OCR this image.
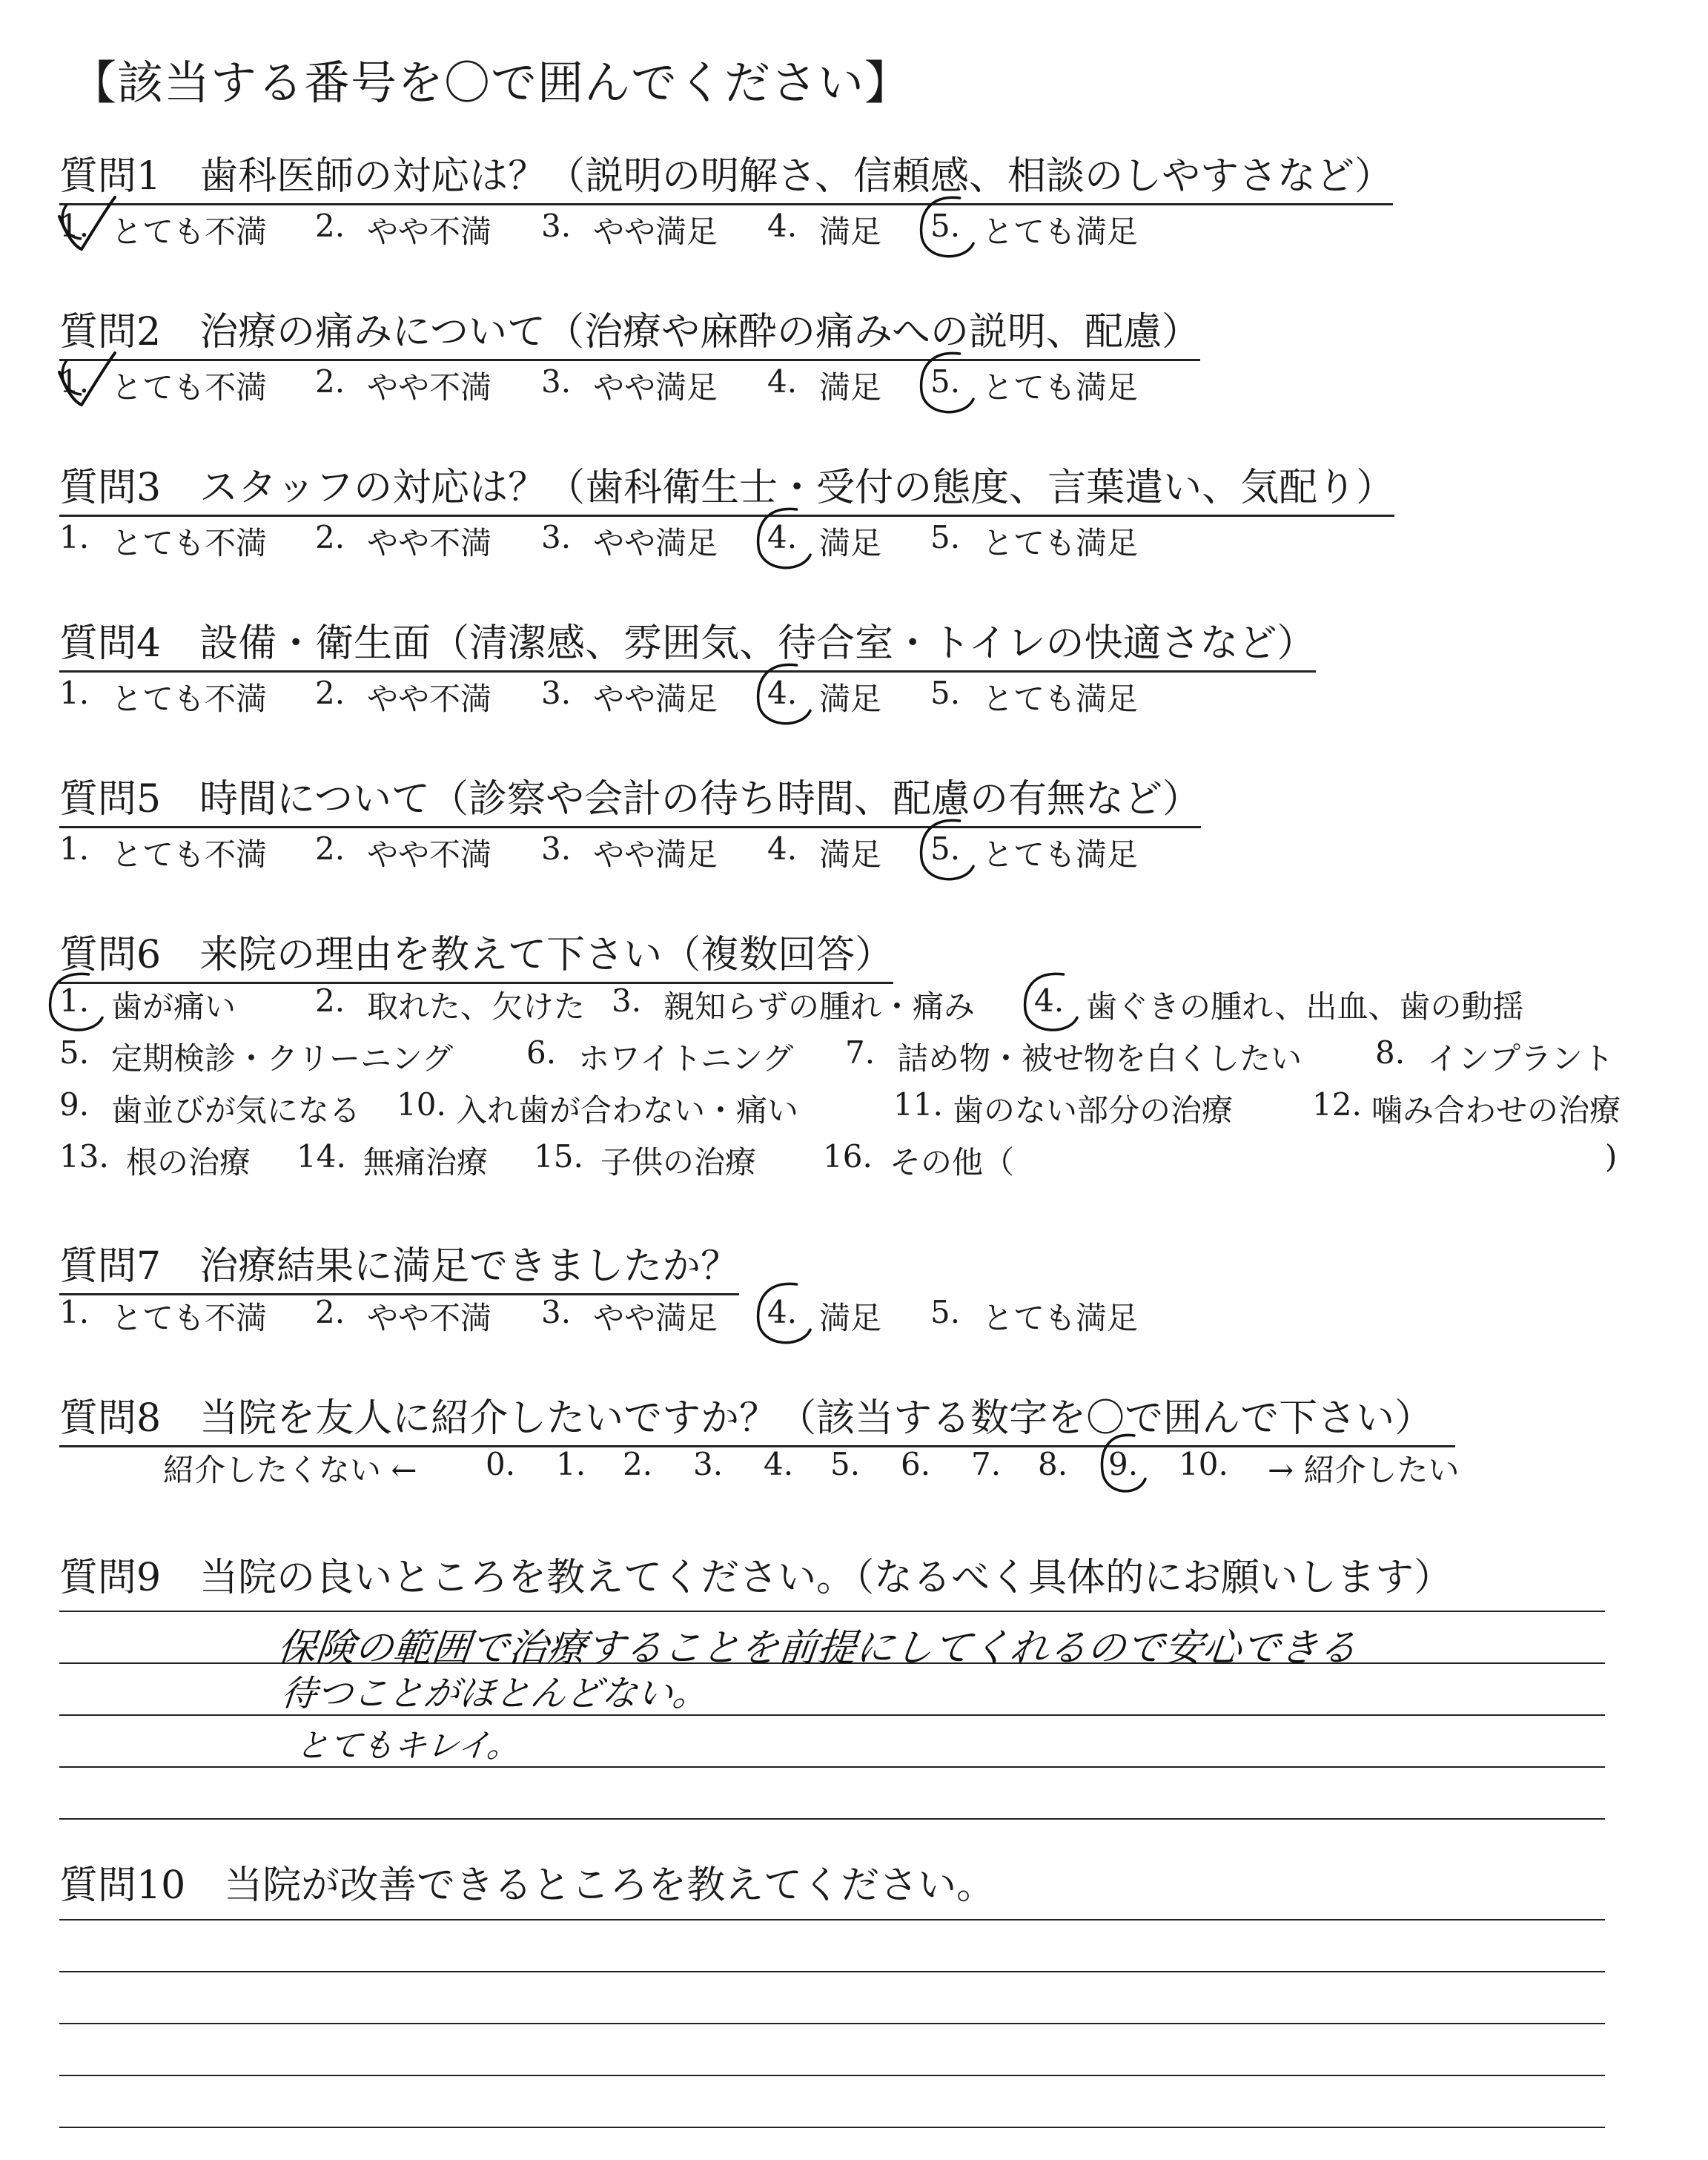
【該当する番号を〇で囲んでください】
質問1　歯科医師の対応は？（説明の明解さ、信頼感、相談のしやすさなど）
質問2　治療の痛みについて（治療や麻酔の痛みへの説明、配慮）
質問3　スタッフの対応は？（歯科衛生士・受付の態度、言葉遣い、気配り）
質問4　設備・衛生面（清潔感、雰囲気、待合室・トイレの快適さなど）
質問5　時間について（診察や会計の待ち時間、配慮の有無など）
質問6　来院の理由を教えて下さい（複数回答）
質問7　治療結果に満足できましたか？
質問8　当院を友人に紹介したいですか？（該当する数字を〇で囲んで下さい）
質問9　当院の良いところを教えてください。（なるべく具体的にお願いします）
保険の範囲で治療することを前提にしてくれるので安心できる
待つことがほとんどない。
とてもキレイ。
質問10　当院が改善できるところを教えてください。
1. とても不満 2. やや不満 3. やや満足 4. 満足 5. とても満足
1. とても不満 2. やや不満 3. やや満足 4. 満足 5. とても満足
1. とても不満 2. やや不満 3. やや満足 4. 満足 5. とても満足
1. とても不満 2. やや不満 3. やや満足 4. 満足 5. とても満足
1. とても不満 2. やや不満 3. やや満足 4. 満足 5. とても満足
1. とても不満 2. やや不満 3. やや満足 4. 満足 5. とても満足
1. 歯が痛い	2. 取れた、欠けた 3. 親知らずの腫れ・痛み 4. 歯ぐきの腫れ、出血、歯の動揺
5. 定期検診・クリーニング 6. ホワイトニング 7. 詰め物・被せ物を白くしたい 8. インプラント
9. 歯並びが気になる 10. 入れ歯が合わない・痛い	11. 歯のない部分の治療	12. 噛み合わせの治療
13. 根の治療 14. 無痛治療 15. 子供の治療 16. その他（	)
紹介したくない ← 0. 1. 2. 3. 4. 5. 6. 7. 8. 9. 10. → 紹介したい
